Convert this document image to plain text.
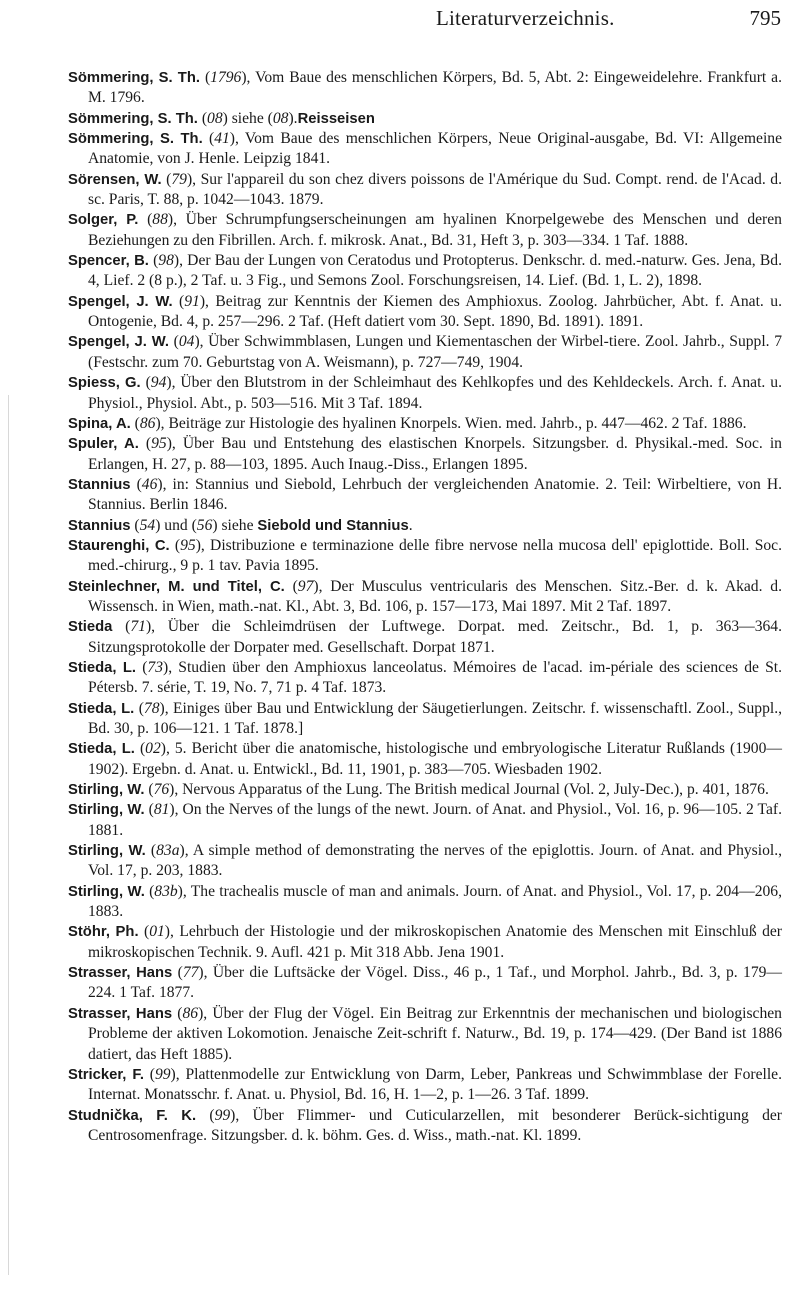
Literaturverzeichnis.	795

Sömmering, S. Th. (1796), Vom Baue des menschlichen Körpers, Bd. 5, Abt. 2: Eingeweidelehre. Frankfurt a. M. 1796.

Sömmering, S. Th. (08) siehe (08).Reisseisen

Sömmering, S. Th. (41), Vom Baue des menschlichen Körpers, Neue Original-ausgabe, Bd. VI: Allgemeine Anatomie, von J. Henle. Leipzig 1841.

Sörensen, W. (79), Sur l'appareil du son chez divers poissons de l'Amérique du Sud. Compt. rend. de l'Acad. d. sc. Paris, T. 88, p. 1042—1043. 1879.

Solger, P. (88), Über Schrumpfungserscheinungen am hyalinen Knorpelgewebe des Menschen und deren Beziehungen zu den Fibrillen. Arch. f. mikrosk. Anat., Bd. 31, Heft 3, p. 303—334. 1 Taf. 1888.

Spencer, B. (98), Der Bau der Lungen von Ceratodus und Protopterus. Denkschr. d. med.-naturw. Ges. Jena, Bd. 4, Lief. 2 (8 p.), 2 Taf. u. 3 Fig., und Semons Zool. Forschungsreisen, 14. Lief. (Bd. 1, L. 2), 1898.

Spengel, J. W. (91), Beitrag zur Kenntnis der Kiemen des Amphioxus. Zoolog. Jahrbücher, Abt. f. Anat. u. Ontogenie, Bd. 4, p. 257—296. 2 Taf. (Heft datiert vom 30. Sept. 1890, Bd. 1891). 1891.

Spengel, J. W. (04), Über Schwimmblasen, Lungen und Kiementaschen der Wirbel-tiere. Zool. Jahrb., Suppl. 7 (Festschr. zum 70. Geburtstag von A. Weismann), p. 727—749, 1904.

Spiess, G. (94), Über den Blutstrom in der Schleimhaut des Kehlkopfes und des Kehldeckels. Arch. f. Anat. u. Physiol., Physiol. Abt., p. 503—516. Mit 3 Taf. 1894.

Spina, A. (86), Beiträge zur Histologie des hyalinen Knorpels. Wien. med. Jahrb., p. 447—462. 2 Taf. 1886.

Spuler, A. (95), Über Bau und Entstehung des elastischen Knorpels. Sitzungsber. d. Physikal.-med. Soc. in Erlangen, H. 27, p. 88—103, 1895. Auch Inaug.-Diss., Erlangen 1895.

Stannius (46), in: Stannius und Siebold, Lehrbuch der vergleichenden Anatomie. 2. Teil: Wirbeltiere, von H. Stannius. Berlin 1846.

Stannius (54) und (56) siehe Siebold und Stannius.

Staurenghi, C. (95), Distribuzione e terminazione delle fibre nervose nella mucosa dell' epiglottide. Boll. Soc. med.-chirurg., 9 p. 1 tav. Pavia 1895.

Steinlechner, M. und Titel, C. (97), Der Musculus ventricularis des Menschen. Sitz.-Ber. d. k. Akad. d. Wissensch. in Wien, math.-nat. Kl., Abt. 3, Bd. 106, p. 157—173, Mai 1897. Mit 2 Taf. 1897.

Stieda (71), Über die Schleimdrüsen der Luftwege. Dorpat. med. Zeitschr., Bd. 1, p. 363—364. Sitzungsprotokolle der Dorpater med. Gesellschaft. Dorpat 1871.

Stieda, L. (73), Studien über den Amphioxus lanceolatus. Mémoires de l'acad. im-périale des sciences de St. Pétersb. 7. série, T. 19, No. 7, 71 p. 4 Taf. 1873.

Stieda, L. (78), Einiges über Bau und Entwicklung der Säugetierlungen. Zeitschr. f. wissenschaftl. Zool., Suppl., Bd. 30, p. 106—121. 1 Taf. 1878.]

Stieda, L. (02), 5. Bericht über die anatomische, histologische und embryologische Literatur Rußlands (1900—1902). Ergebn. d. Anat. u. Entwickl., Bd. 11, 1901, p. 383—705. Wiesbaden 1902.

Stirling, W. (76), Nervous Apparatus of the Lung. The British medical Journal (Vol. 2, July-Dec.), p. 401, 1876.

Stirling, W. (81), On the Nerves of the lungs of the newt. Journ. of Anat. and Physiol., Vol. 16, p. 96—105. 2 Taf. 1881.

Stirling, W. (83a), A simple method of demonstrating the nerves of the epiglottis. Journ. of Anat. and Physiol., Vol. 17, p. 203, 1883.

Stirling, W. (83b), The trachealis muscle of man and animals. Journ. of Anat. and Physiol., Vol. 17, p. 204—206, 1883.

Stöhr, Ph. (01), Lehrbuch der Histologie und der mikroskopischen Anatomie des Menschen mit Einschluß der mikroskopischen Technik. 9. Aufl. 421 p. Mit 318 Abb. Jena 1901.

Strasser, Hans (77), Über die Luftsäcke der Vögel. Diss., 46 p., 1 Taf., und Morphol. Jahrb., Bd. 3, p. 179—224. 1 Taf. 1877.

Strasser, Hans (86), Über der Flug der Vögel. Ein Beitrag zur Erkenntnis der mechanischen und biologischen Probleme der aktiven Lokomotion. Jenaische Zeit-schrift f. Naturw., Bd. 19, p. 174—429. (Der Band ist 1886 datiert, das Heft 1885).

Stricker, F. (99), Plattenmodelle zur Entwicklung von Darm, Leber, Pankreas und Schwimmblase der Forelle. Internat. Monatsschr. f. Anat. u. Physiol, Bd. 16, H. 1—2, p. 1—26. 3 Taf. 1899.

Studnička, F. K. (99), Über Flimmer- und Cuticularzellen, mit besonderer Berück-sichtigung der Centrosomenfrage. Sitzungsber. d. k. böhm. Ges. d. Wiss., math.-nat. Kl. 1899.
